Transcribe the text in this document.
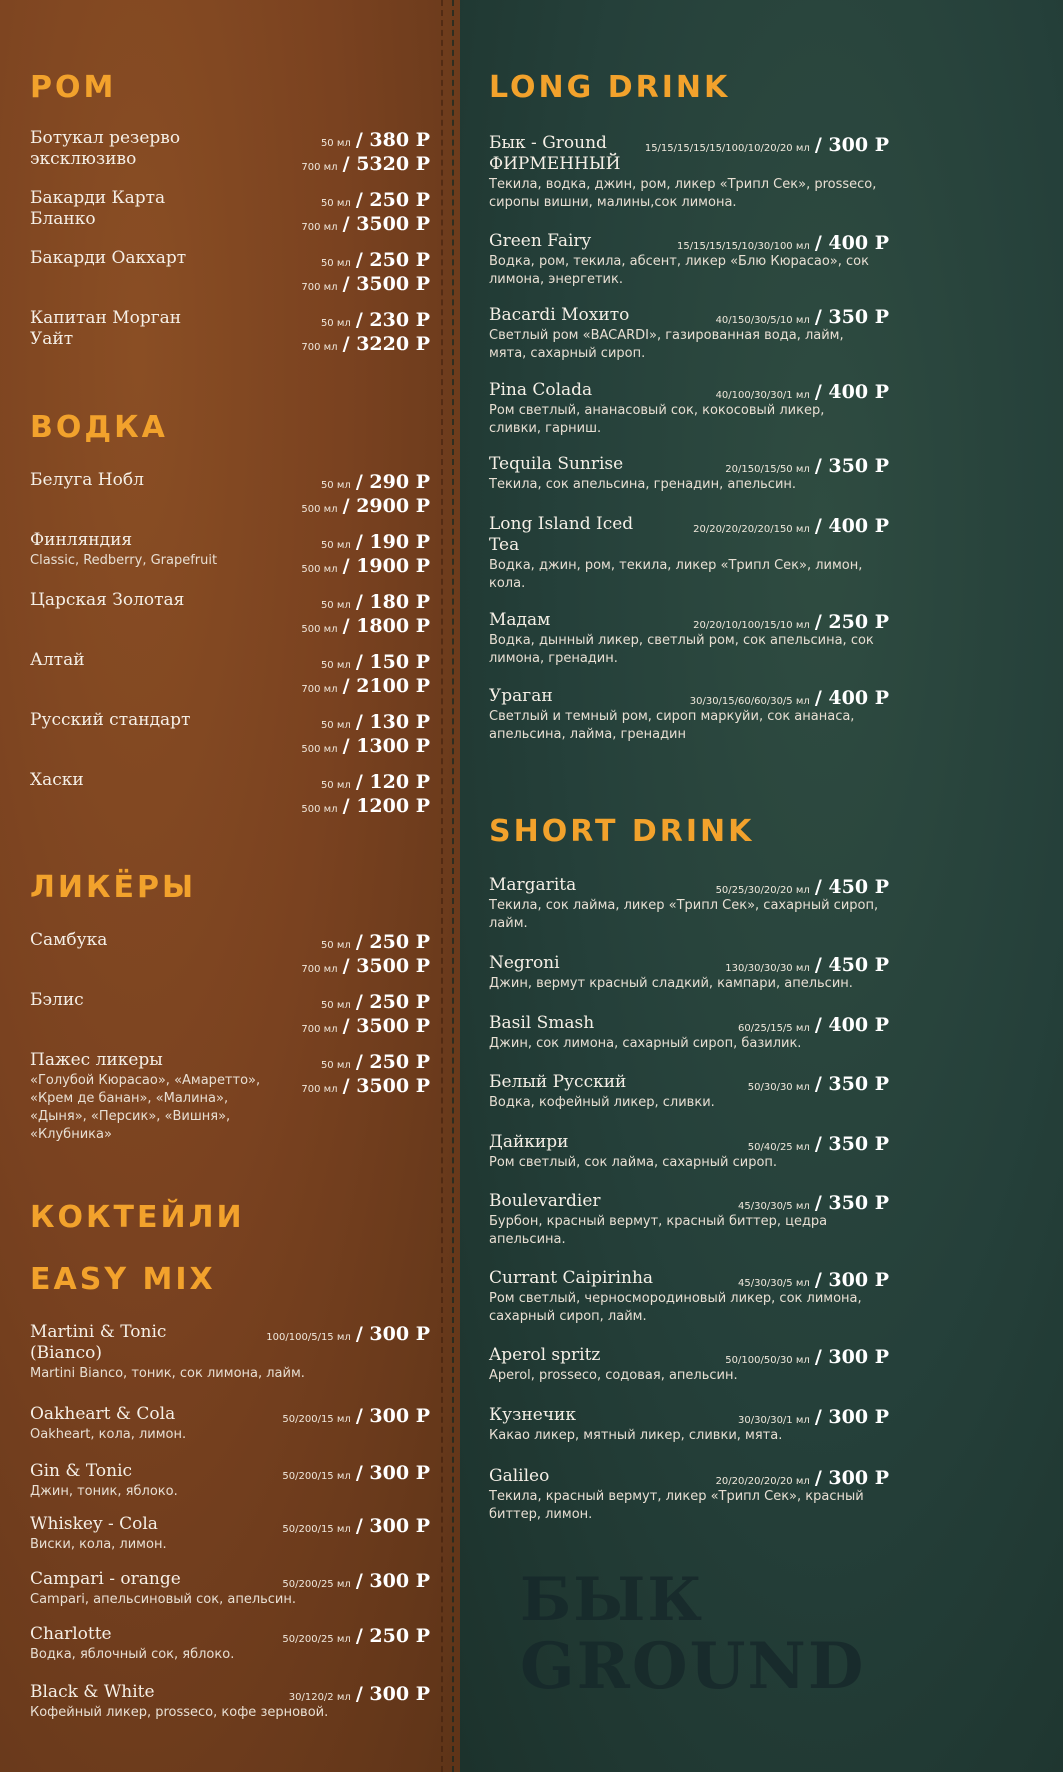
РОМ
Ботукал резерво эксклюзиво
50 мл / 380 Р
700 мл / 5320 Р
Бакарди Карта Бланко
50 мл / 250 Р
700 мл / 3500 Р
Бакарди Оакхарт	50 мл / 250 Р
700 мл / 3500 Р
Капитан Морган Уайт
50 мл / 230 Р
700 мл / 3220 Р
ВОДКА
Белуга Нобл	50 мл / 290 Р
500 мл / 2900 Р
Финляндия
Classic, Redberry, Grapefruit
50 мл / 190 Р
500 мл / 1900 Р
Царская Золотая	50 мл / 180 Р
500 мл / 1800 Р
Алтай	50 мл / 150 Р
700 мл / 2100 Р
Русский стандарт	50 мл / 130 Р
500 мл / 1300 Р
Хаски	50 мл / 120 Р
500 мл / 1200 Р
ЛИКЁРЫ
Самбука	50 мл / 250 Р
700 мл / 3500 Р
Бэлис	50 мл / 250 Р
700 мл / 3500 Р
Пажес ликеры
«Голубой Кюрасао», «Амаретто», «Крем де банан», «Малина», «Дыня», «Персик», «Вишня», «Клубника»
50 мл / 250 Р
700 мл / 3500 Р
КОКТЕЙЛИ
EASY MIX
Martini & Tonic (Bianco)
Martini Bianco, тоник, сок лимона, лайм.
100/100/5/15 мл / 300 Р
Oakheart & Cola
Oakheart, кола, лимон.
50/200/15 мл / 300 Р
Gin & Tonic
Джин, тоник, яблоко.
50/200/15 мл / 300 Р
Whiskey - Cola
Виски, кола, лимон.
50/200/15 мл / 300 Р
Campari - orange
Campari, апельсиновый сок, апельсин.
50/200/25 мл / 300 Р
Charlotte
Водка, яблочный сок, яблоко.
50/200/25 мл / 250 Р
Black & White
Кофейный ликер, prosseco, кофе зерновой.
30/120/2 мл / 300 Р
LONG DRINK
Бык - Ground ФИРМЕННЫЙ
Текила, водка, джин, ром, ликер «Трипл Сек», prossecо, сиропы вишни, малины,сок лимона.
15/15/15/15/15/100/10/20/20 мл / 300 Р
Green Fairy
Водка, ром, текила, абсент, ликер «Блю Кюрасао», сок лимона, энергетик.
15/15/15/15/10/30/100 мл / 400 Р
Bacardi Мохито
Светлый ром «BACARDI», газированная вода, лайм, мята, сахарный сироп.
40/150/30/5/10 мл / 350 Р
Pina Colada
Ром светлый, ананасовый сок, кокосовый ликер, сливки, гарниш.
40/100/30/30/1 мл / 400 Р
Tequila Sunrise
Текила, сок апельсина, гренадин, апельсин.
20/150/15/50 мл / 350 Р
Long Island Iced Tea
Водка, джин, ром, текила, ликер «Трипл Сек», лимон, кола.
20/20/20/20/20/150 мл / 400 Р
Мадам
Водка, дынный ликер, светлый ром, сок апельсина, сок лимона, гренадин.
20/20/10/100/15/10 мл / 250 Р
Ураган
Светлый и темный ром, сироп маркуйи, сок ананаса, апельсина, лайма, гренадин
30/30/15/60/60/30/5 мл / 400 Р
SHORT DRINK
Margarita
Текила, сок лайма, ликер «Трипл Сек», сахарный сироп, лайм.
50/25/30/20/20 мл / 450 Р
Negroni
Джин, вермут красный сладкий, кампари, апельсин.
130/30/30/30 мл / 450 Р
Basil Smash
Джин, сок лимона, сахарный сироп, базилик.
60/25/15/5 мл / 400 Р
Белый Русский
Водка, кофейный ликер, сливки.
50/30/30 мл / 350 Р
Дайкири
Ром светлый, сок лайма, сахарный сироп.
50/40/25 мл / 350 Р
Boulevardier
Бурбон, красный вермут, красный биттер, цедра апельсина.
45/30/30/5 мл / 350 Р
Currant Caipirinha
Ром светлый, черносмородиновый ликер, сок лимона, сахарный сироп, лайм.
45/30/30/5 мл / 300 Р
Aperol spritz
Aperol, prossecо, содовая, апельсин.
50/100/50/30 мл / 300 Р
Кузнечик
Какао ликер, мятный ликер, сливки, мята.
30/30/30/1 мл / 300 Р
Galileo
Текила, красный вермут, ликер «Трипл Сек», красный биттер, лимон.
20/20/20/20/20 мл / 300 Р
БЫК
GROUND
